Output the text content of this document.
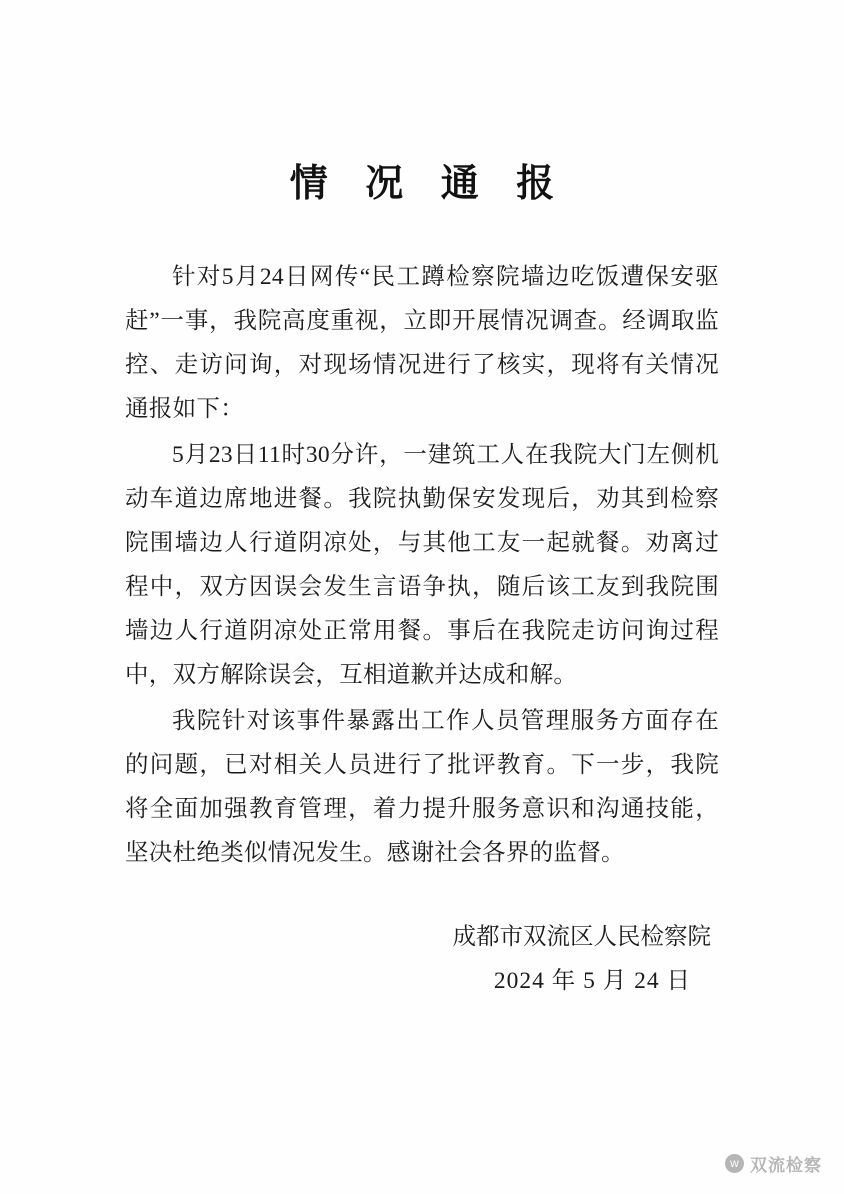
情 况 通 报

针对5月24日网传“民工蹲检察院墙边吃饭遭保安驱赶”一事，我院高度重视，立即开展情况调查。经调取监控、走访问询，对现场情况进行了核实，现将有关情况通报如下：

5月23日11时30分许，一建筑工人在我院大门左侧机动车道边席地进餐。我院执勤保安发现后，劝其到检察院围墙边人行道阴凉处，与其他工友一起就餐。劝离过程中，双方因误会发生言语争执，随后该工友到我院围墙边人行道阴凉处正常用餐。事后在我院走访问询过程中，双方解除误会，互相道歉并达成和解。

我院针对该事件暴露出工作人员管理服务方面存在的问题，已对相关人员进行了批评教育。下一步，我院将全面加强教育管理，着力提升服务意识和沟通技能，坚决杜绝类似情况发生。感谢社会各界的监督。

成都市双流区人民检察院

2024 年 5 月 24 日

w 双流检察
